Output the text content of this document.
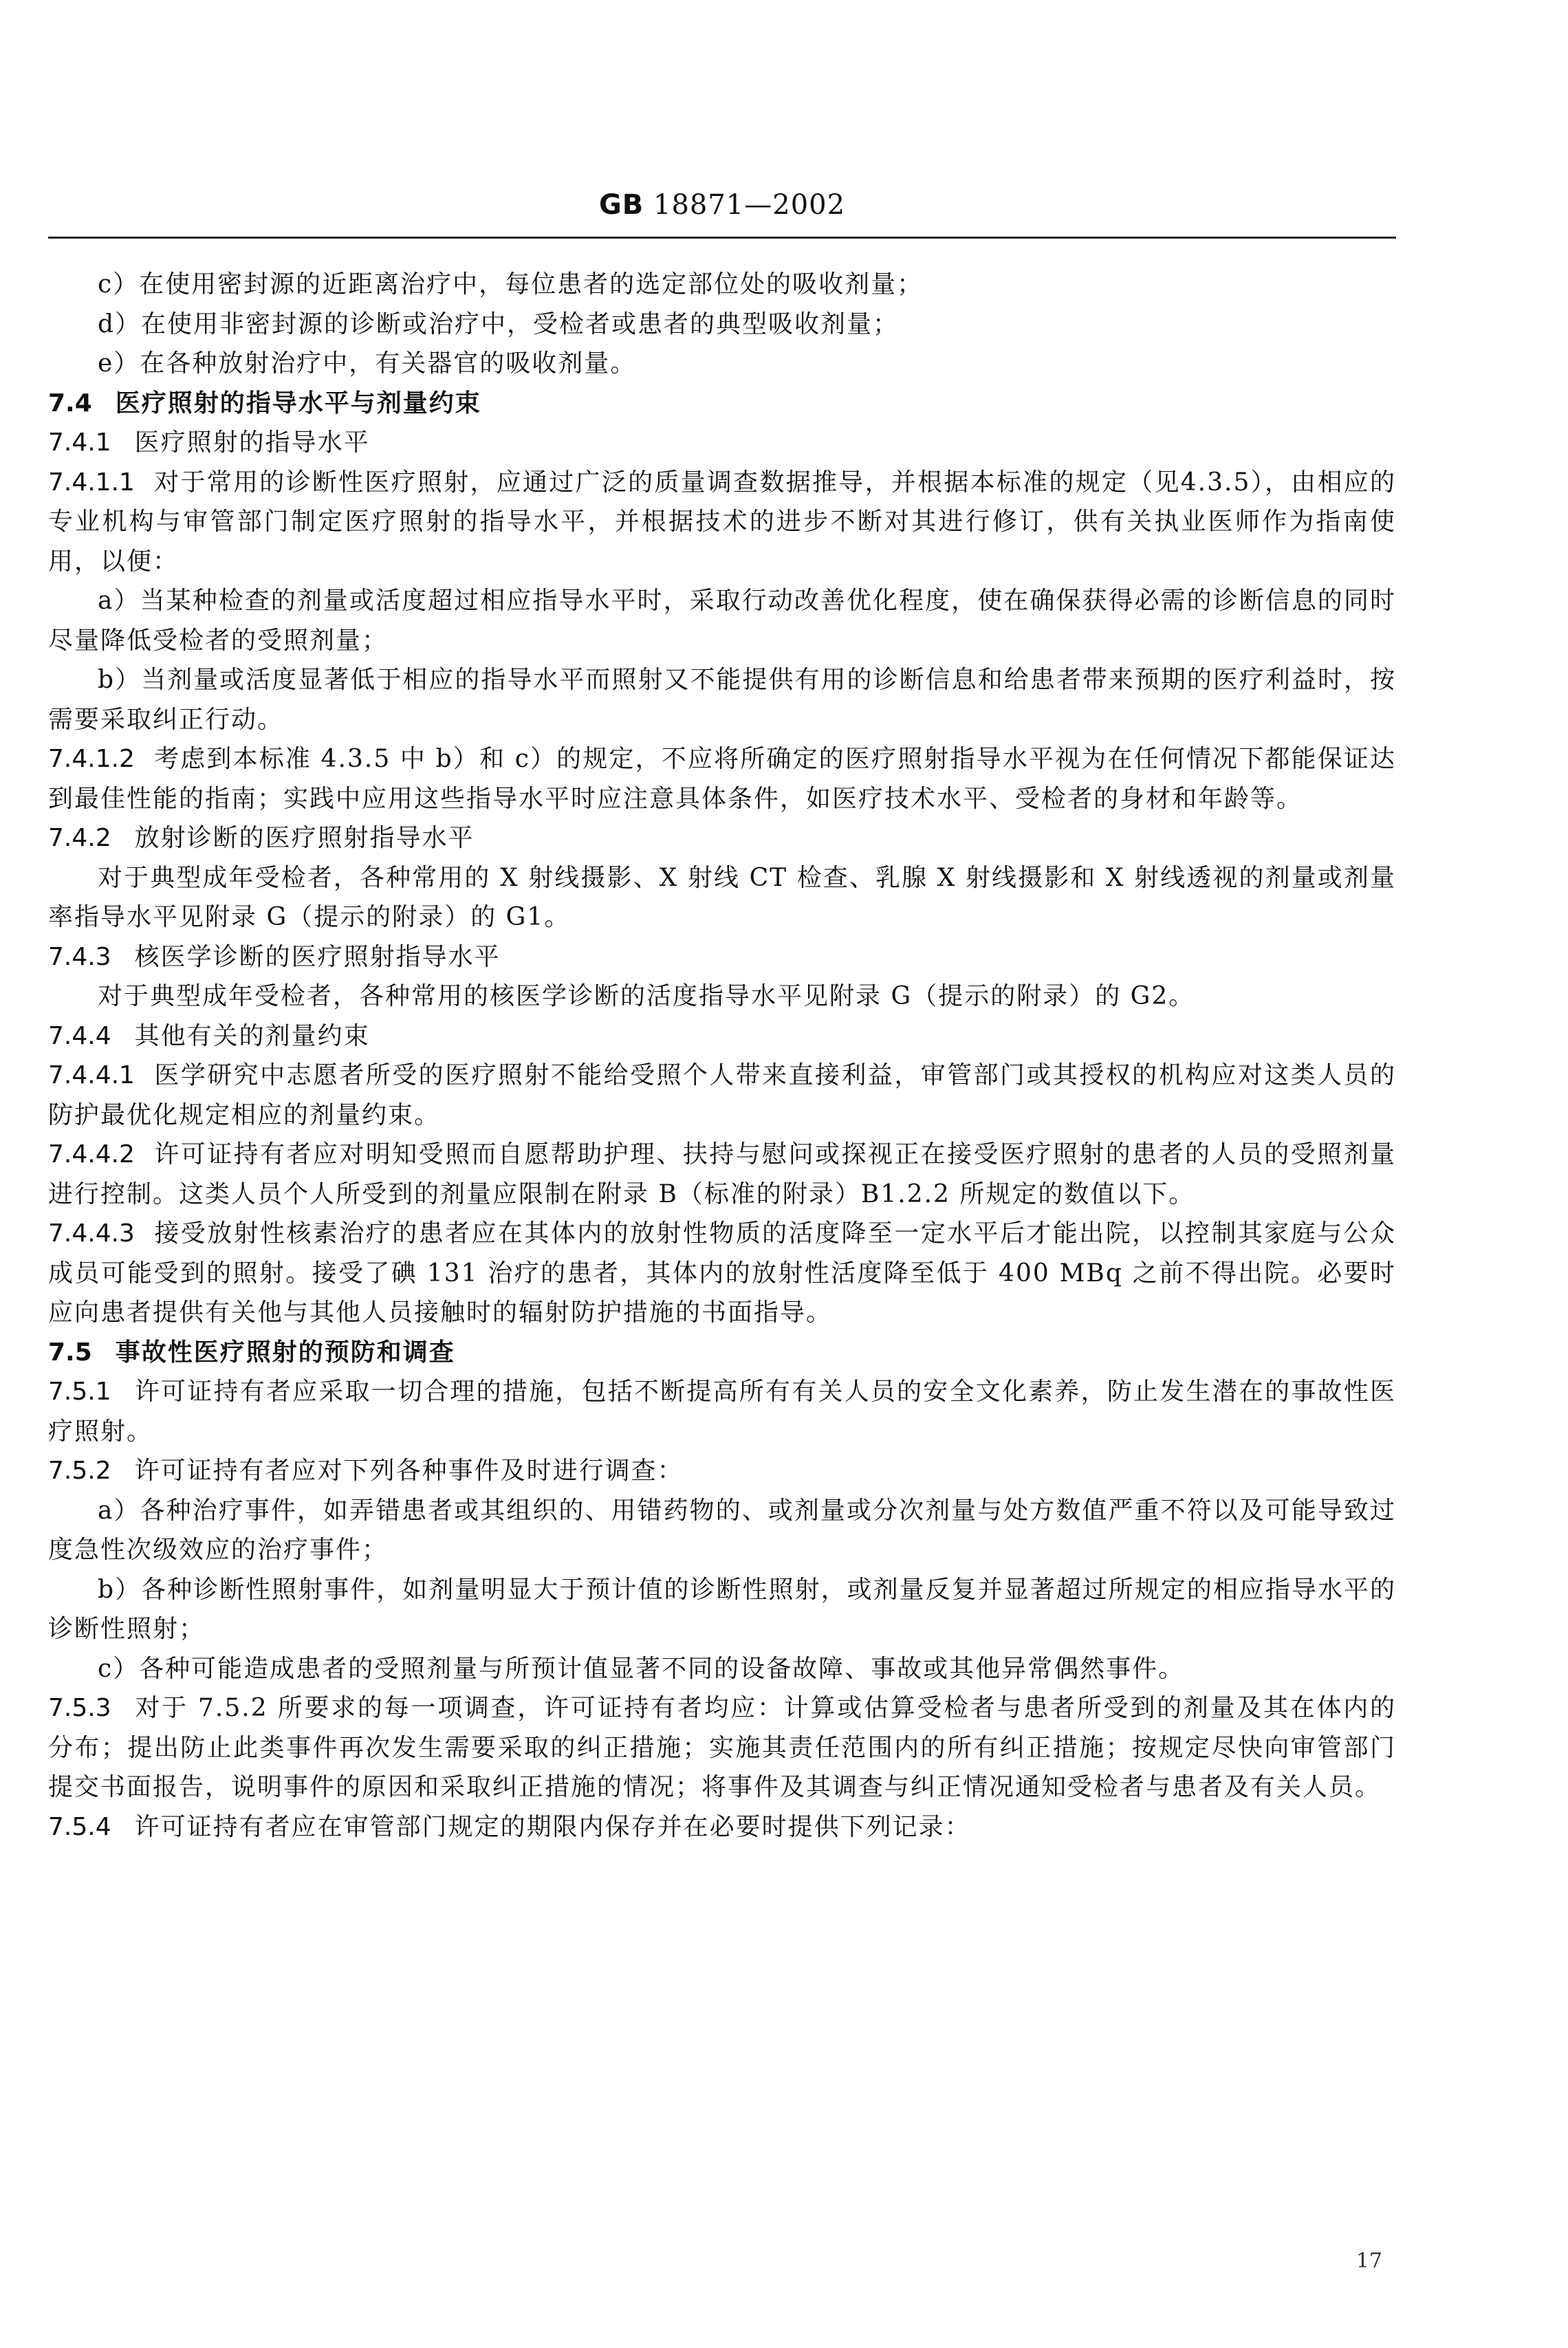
GB 18871—2002

c）在使用密封源的近距离治疗中，每位患者的选定部位处的吸收剂量；

d）在使用非密封源的诊断或治疗中，受检者或患者的典型吸收剂量；

e）在各种放射治疗中，有关器官的吸收剂量。

7.4 医疗照射的指导水平与剂量约束

7.4.1 医疗照射的指导水平

7.4.1.1 对于常用的诊断性医疗照射，应通过广泛的质量调查数据推导，并根据本标准的规定（见4.3.5），由相应的专业机构与审管部门制定医疗照射的指导水平，并根据技术的进步不断对其进行修订，供有关执业医师作为指南使用，以便：

a）当某种检查的剂量或活度超过相应指导水平时，采取行动改善优化程度，使在确保获得必需的诊断信息的同时尽量降低受检者的受照剂量；

b）当剂量或活度显著低于相应的指导水平而照射又不能提供有用的诊断信息和给患者带来预期的医疗利益时，按需要采取纠正行动。

7.4.1.2 考虑到本标准 4.3.5 中 b）和 c）的规定，不应将所确定的医疗照射指导水平视为在任何情况下都能保证达到最佳性能的指南；实践中应用这些指导水平时应注意具体条件，如医疗技术水平、受检者的身材和年龄等。

7.4.2 放射诊断的医疗照射指导水平

对于典型成年受检者，各种常用的 X 射线摄影、X 射线 CT 检查、乳腺 X 射线摄影和 X 射线透视的剂量或剂量率指导水平见附录 G（提示的附录）的 G1。

7.4.3 核医学诊断的医疗照射指导水平

对于典型成年受检者，各种常用的核医学诊断的活度指导水平见附录 G（提示的附录）的 G2。

7.4.4 其他有关的剂量约束

7.4.4.1 医学研究中志愿者所受的医疗照射不能给受照个人带来直接利益，审管部门或其授权的机构应对这类人员的防护最优化规定相应的剂量约束。

7.4.4.2 许可证持有者应对明知受照而自愿帮助护理、扶持与慰问或探视正在接受医疗照射的患者的人员的受照剂量进行控制。这类人员个人所受到的剂量应限制在附录 B（标准的附录）B1.2.2 所规定的数值以下。

7.4.4.3 接受放射性核素治疗的患者应在其体内的放射性物质的活度降至一定水平后才能出院，以控制其家庭与公众成员可能受到的照射。接受了碘 131 治疗的患者，其体内的放射性活度降至低于 400 MBq 之前不得出院。必要时应向患者提供有关他与其他人员接触时的辐射防护措施的书面指导。

7.5 事故性医疗照射的预防和调查

7.5.1 许可证持有者应采取一切合理的措施，包括不断提高所有有关人员的安全文化素养，防止发生潜在的事故性医疗照射。

7.5.2 许可证持有者应对下列各种事件及时进行调查：

a）各种治疗事件，如弄错患者或其组织的、用错药物的、或剂量或分次剂量与处方数值严重不符以及可能导致过度急性次级效应的治疗事件；

b）各种诊断性照射事件，如剂量明显大于预计值的诊断性照射，或剂量反复并显著超过所规定的相应指导水平的诊断性照射；

c）各种可能造成患者的受照剂量与所预计值显著不同的设备故障、事故或其他异常偶然事件。

7.5.3 对于 7.5.2 所要求的每一项调查，许可证持有者均应：计算或估算受检者与患者所受到的剂量及其在体内的分布；提出防止此类事件再次发生需要采取的纠正措施；实施其责任范围内的所有纠正措施；按规定尽快向审管部门提交书面报告，说明事件的原因和采取纠正措施的情况；将事件及其调查与纠正情况通知受检者与患者及有关人员。

7.5.4 许可证持有者应在审管部门规定的期限内保存并在必要时提供下列记录：

17
